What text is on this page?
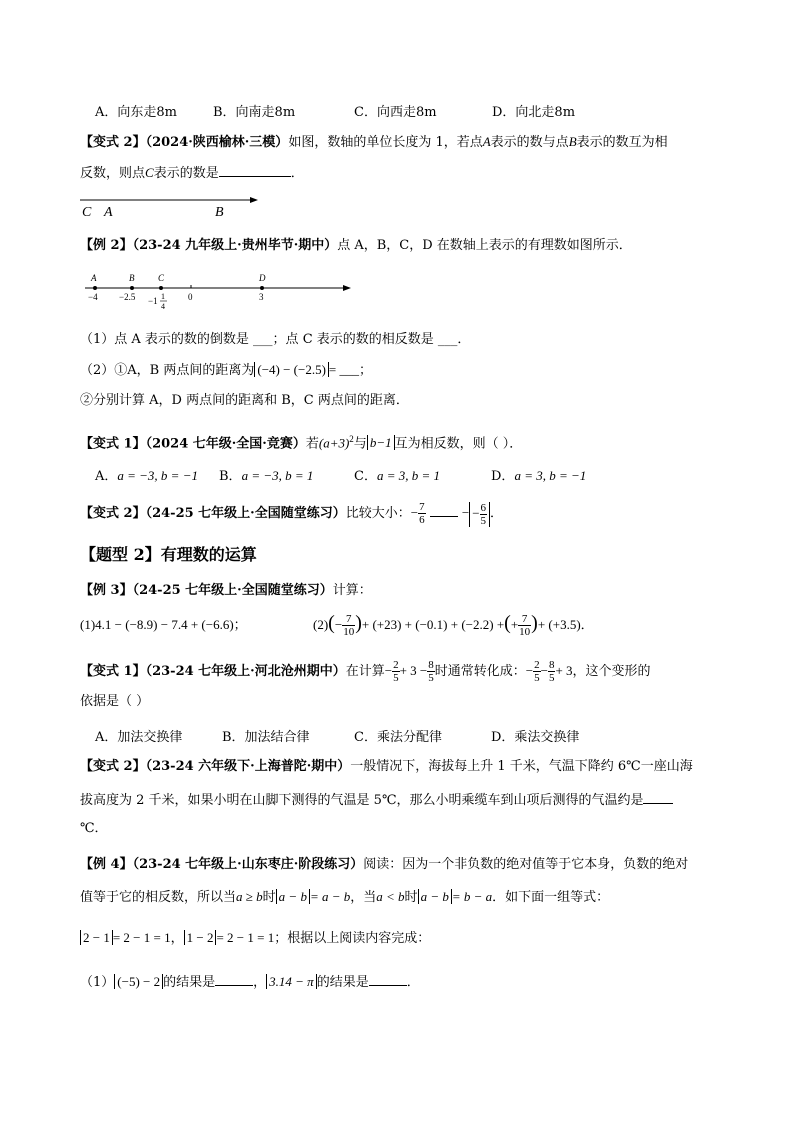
A．向东走8m	B．向南走8m	C．向西走8m	D．向北走8m
【变式 2】（2024·陕西榆林·三模）如图，数轴的单位长度为 1，若点A表示的数与点B表示的数互为相
反数，则点C表示的数是	．
C A	B
【例 2】（23-24 九年级上·贵州毕节·期中）点 A，B，C，D 在数轴上表示的有理数如图所示．
A	B	C	D
−4 −2.5 −1 1
4
0	3
（1）点 A 表示的数的倒数是 ___；点 C 表示的数的相反数是 ___．
（2）①A，B 两点间的距离为 (−4) − (−2.5) = ___；
②分别计算 A，D 两点间的距离和 B，C 两点间的距离．
【变式 1】（2024 七年级·全国·竞赛）若$(a+3)^2$与 b−1 互为相反数，则（ ）．
A．a = −3, b = −1 B．a = −3, b = 1	C．a = 3, b = 1	D．a = 3, b = −1
【变式 2】（24-25 七年级上·全国随堂练习）比较大小：− $\frac{7}{6}$	− − $\frac{6}{5}$ ．
【题型 2】有理数的运算
【例 3】（24-25 七年级上·全国随堂练习）计算：
(1)4.1 − (−8.9) − 7.4 + (−6.6)；	$(2)(- \frac{7}{10}$ )+ (+23) + (−0.1) + (−2.2) +(+ $\frac{7}{10}$ )+ (+3.5)．
【变式 1】（23-24 七年级上·河北沧州期中）在计算− $\frac{2}{5} + 3 - \frac{8}{5}$ 时通常转化成：− $\frac{2}{5} - \frac{8}{5} + 3$，这个变形的
依据是（ ）
A．加法交换律	B．加法结合律	C．乘法分配律	D．乘法交换律
【变式 2】（23-24 六年级下·上海普陀·期中）一般情况下，海拔每上升 1 千米，气温下降约 6℃一座山海
拔高度为 2 千米，如果小明在山脚下测得的气温是 5℃，那么小明乘缆车到山项后测得的气温约是
℃．
【例 4】（23-24 七年级上·山东枣庄·阶段练习）阅读：因为一个非负数的绝对值等于它本身，负数的绝对
值等于它的相反数，所以当a ≥ b时 a − b = a − b，当a < b时 a − b = b − a．如下面一组等式：
2 − 1 = 2 − 1 = 1， 1 − 2 = 2 − 1 = 1；根据以上阅读内容完成：
（1） (−5) − 2 的结果是	， 3.14 − π 的结果是	．
